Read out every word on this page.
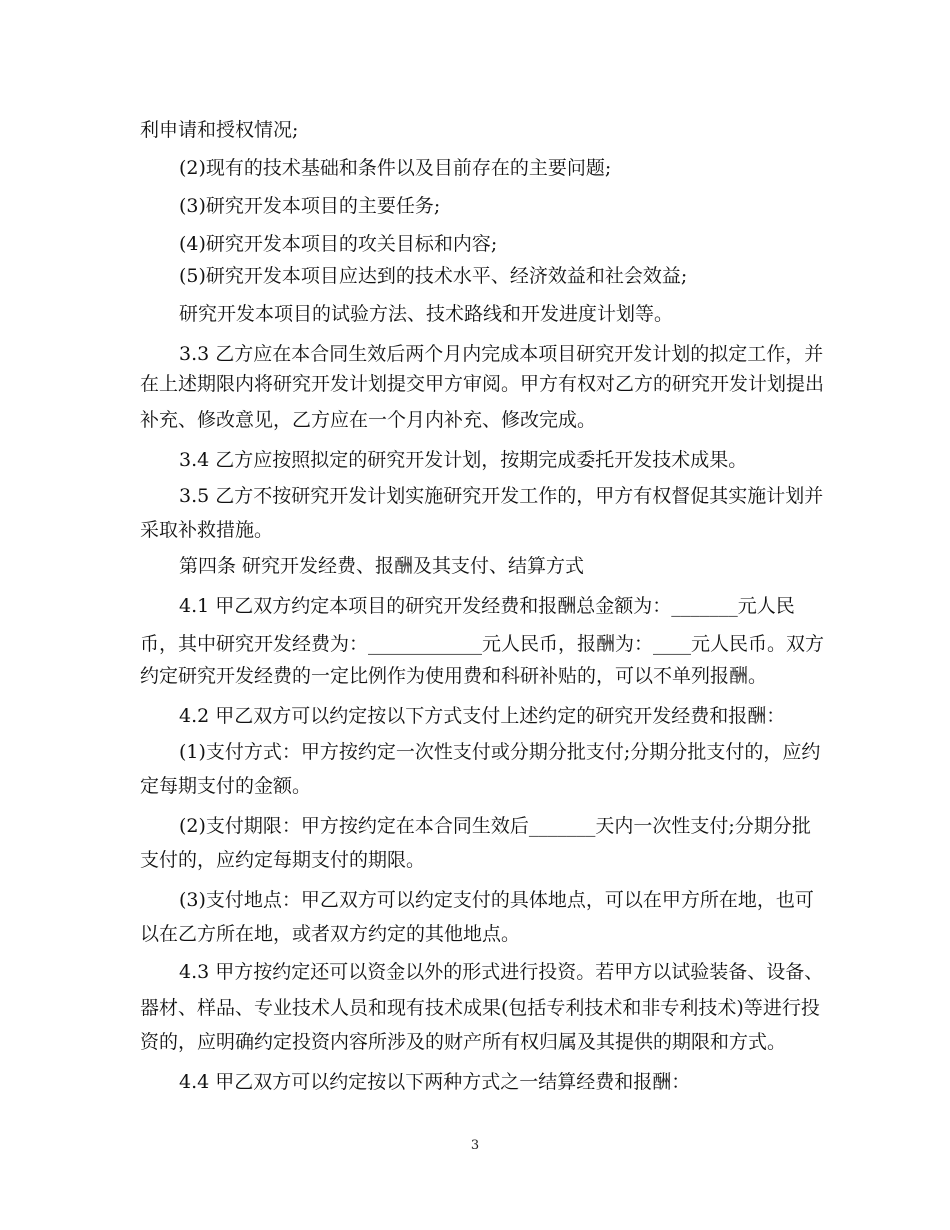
利申请和授权情况;
(2)现有的技术基础和条件以及目前存在的主要问题;
(3)研究开发本项目的主要任务;
(4)研究开发本项目的攻关目标和内容;
(5)研究开发本项目应达到的技术水平、经济效益和社会效益;
研究开发本项目的试验方法、技术路线和开发进度计划等。
3.3 乙方应在本合同生效后两个月内完成本项目研究开发计划的拟定工作，并
在上述期限内将研究开发计划提交甲方审阅。甲方有权对乙方的研究开发计划提出
补充、修改意见，乙方应在一个月内补充、修改完成。
3.4 乙方应按照拟定的研究开发计划，按期完成委托开发技术成果。
3.5 乙方不按研究开发计划实施研究开发工作的，甲方有权督促其实施计划并
采取补救措施。
第四条 研究开发经费、报酬及其支付、结算方式
4.1 甲乙双方约定本项目的研究开发经费和报酬总金额为：_______元人民
币，其中研究开发经费为：____________元人民币，报酬为：____元人民币。双方
约定研究开发经费的一定比例作为使用费和科研补贴的，可以不单列报酬。
4.2 甲乙双方可以约定按以下方式支付上述约定的研究开发经费和报酬：
(1)支付方式：甲方按约定一次性支付或分期分批支付;分期分批支付的，应约
定每期支付的金额。
(2)支付期限：甲方按约定在本合同生效后_______天内一次性支付;分期分批
支付的，应约定每期支付的期限。
(3)支付地点：甲乙双方可以约定支付的具体地点，可以在甲方所在地，也可
以在乙方所在地，或者双方约定的其他地点。
4.3 甲方按约定还可以资金以外的形式进行投资。若甲方以试验装备、设备、
器材、样品、专业技术人员和现有技术成果(包括专利技术和非专利技术)等进行投
资的，应明确约定投资内容所涉及的财产所有权归属及其提供的期限和方式。
4.4 甲乙双方可以约定按以下两种方式之一结算经费和报酬：
3
